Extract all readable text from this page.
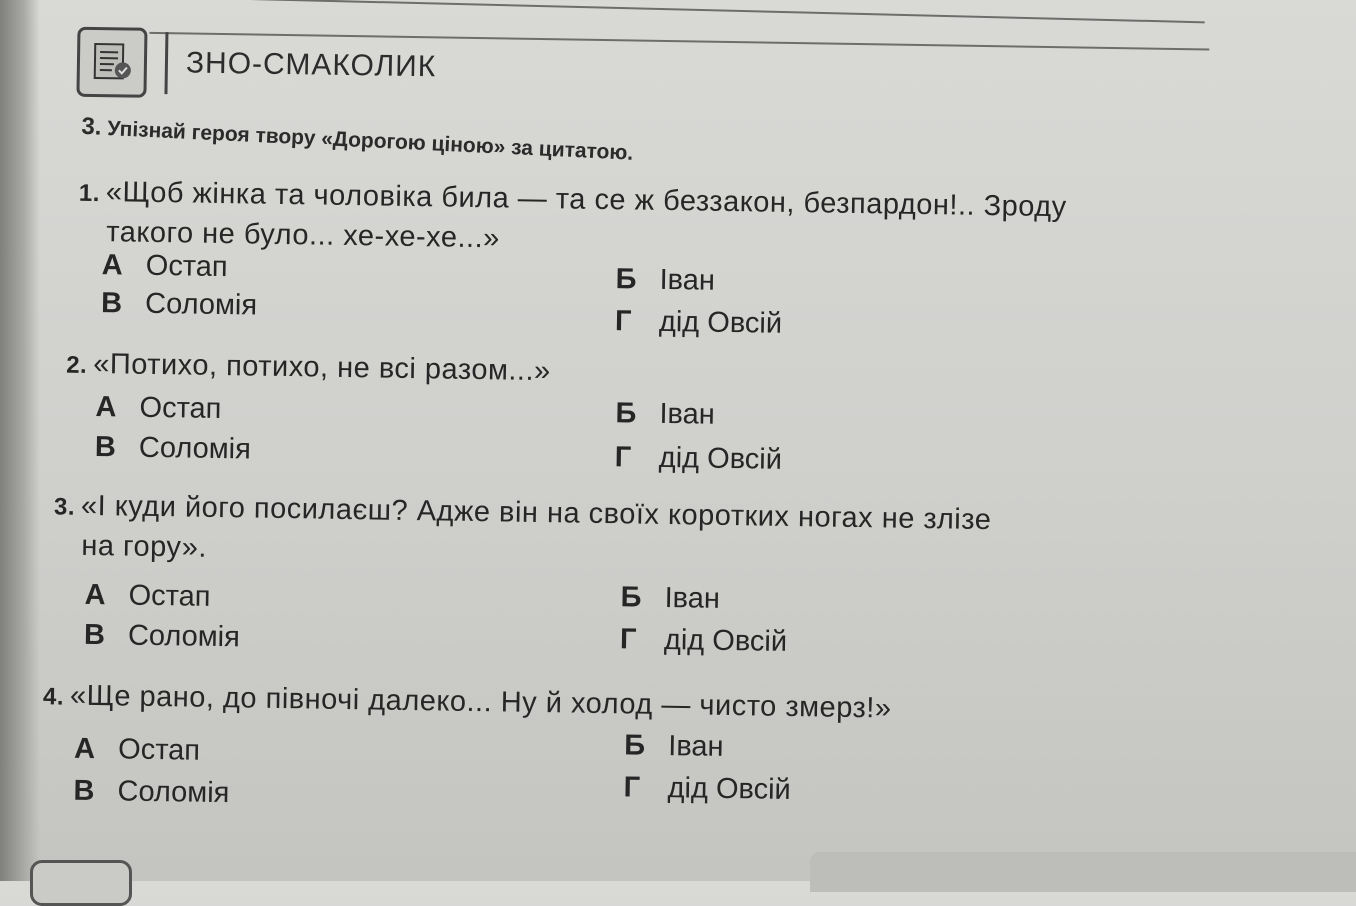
ЗНО-СМАКОЛИК
3. Упізнай героя твору «Дорогою ціною» за цитатою.
1. «Щоб жінка та чоловіка била — та се ж беззакон, безпардон!.. Зроду
такого не було... хе-хе-хе...»
А Остап	Б Іван
В Соломія	Г дід Овсій
2. «Потихо, потихо, не всі разом...»
А Остап	Б Іван
В Соломія	Г дід Овсій
3. «І куди його посилаєш? Адже він на своїх коротких ногах не злізе
на гору».
А Остап	Б Іван
В Соломія	Г дід Овсій
4. «Ще рано, до півночі далеко... Ну й холод — чисто змерз!»
А Остап	Б Іван
В Соломія	Г дід Овсій
